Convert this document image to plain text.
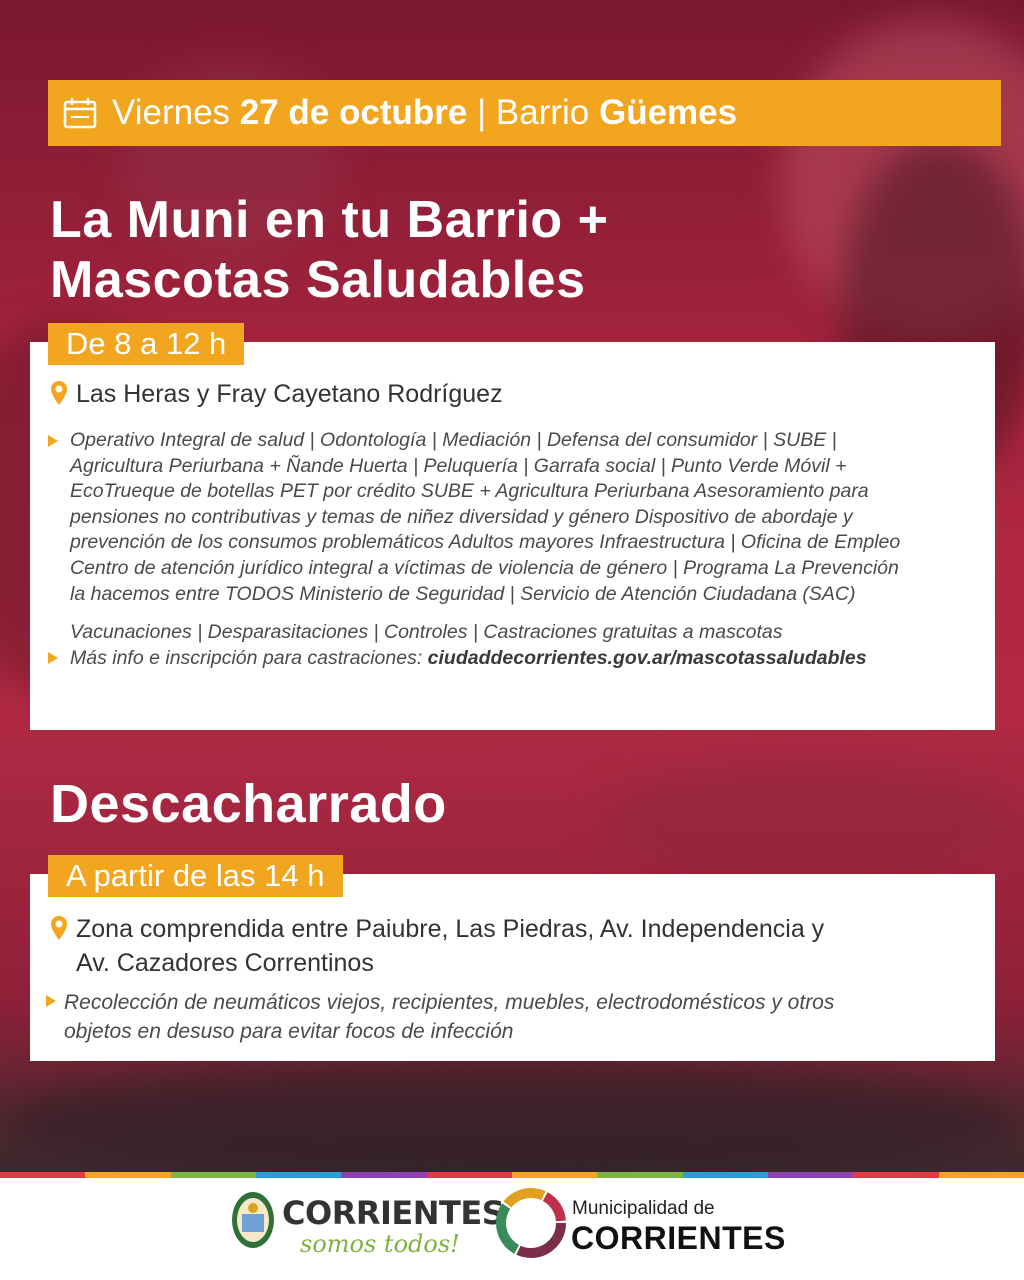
Viernes 27 de octubre | Barrio Güemes
La Muni en tu Barrio +
Mascotas Saludables
Las Heras y Fray Cayetano Rodríguez
Operativo Integral de salud | Odontología | Mediación | Defensa del consumidor | SUBE |
Agricultura Periurbana + Ñande Huerta | Peluquería | Garrafa social | Punto Verde Móvil +
EcoTrueque de botellas PET por crédito SUBE + Agricultura Periurbana Asesoramiento para
pensiones no contributivas y temas de niñez diversidad y género Dispositivo de abordaje y
prevención de los consumos problemáticos Adultos mayores Infraestructura | Oficina de Empleo
Centro de atención jurídico integral a víctimas de violencia de género | Programa La Prevención
la hacemos entre TODOS Ministerio de Seguridad | Servicio de Atención Ciudadana (SAC)
Vacunaciones | Desparasitaciones | Controles | Castraciones gratuitas a mascotas
Más info e inscripción para castraciones: ciudaddecorrientes.gov.ar/mascotassaludables
De 8 a 12 h
Descacharrado
Zona comprendida entre Paiubre, Las Piedras, Av. Independencia y
Av. Cazadores Correntinos
Recolección de neumáticos viejos, recipientes, muebles, electrodomésticos y otros
objetos en desuso para evitar focos de infección
A partir de las 14 h
CORRIENTES
somos todos!
Municipalidad de
CORRIENTES
